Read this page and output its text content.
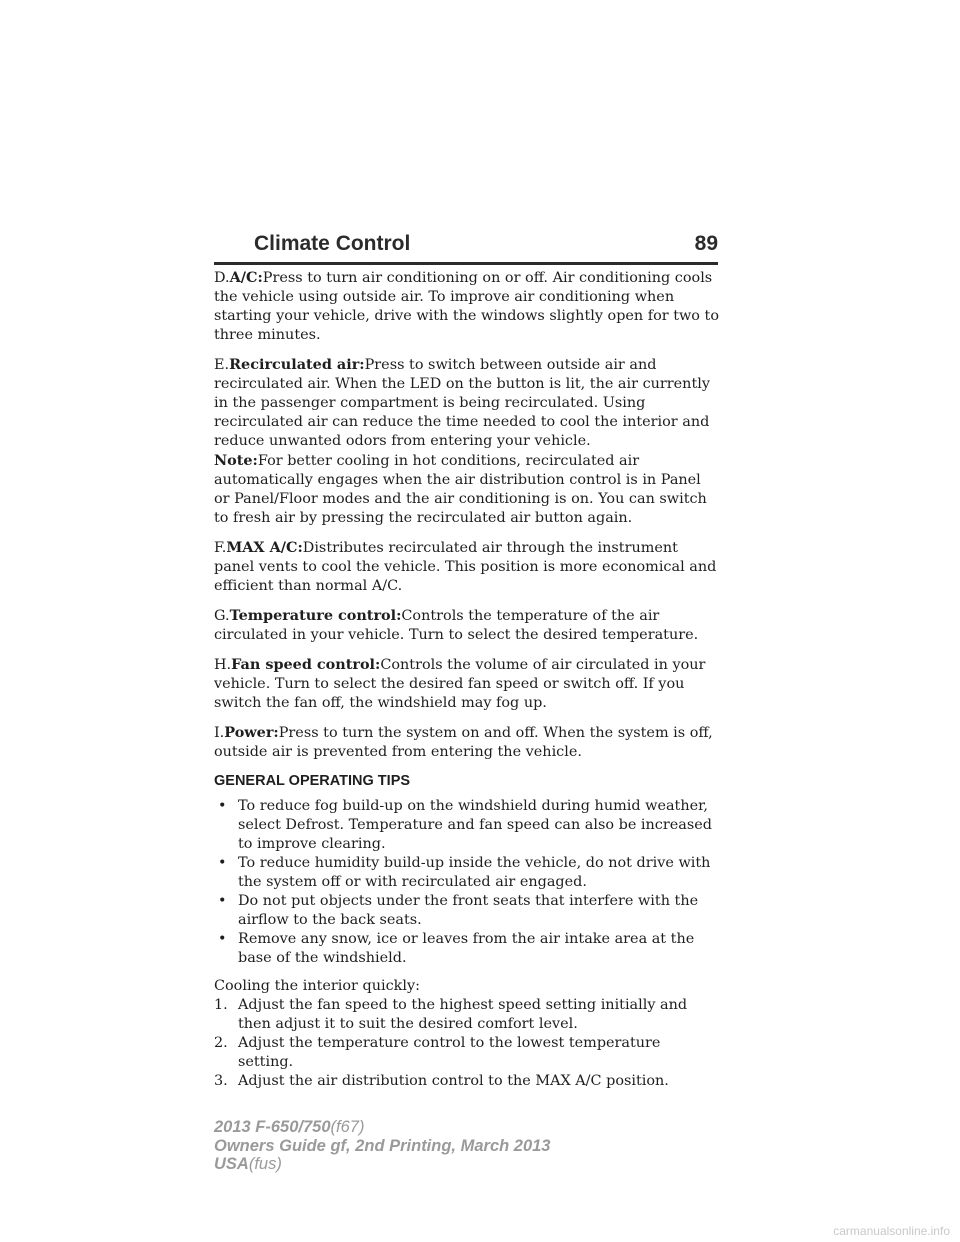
Climate Control	89

D.A/C:Press to turn air conditioning on or off. Air conditioning cools the vehicle using outside air. To improve air conditioning when starting your vehicle, drive with the windows slightly open for two to three minutes.

E.Recirculated air:Press to switch between outside air and recirculated air. When the LED on the button is lit, the air currently in the passenger compartment is being recirculated. Using recirculated air can reduce the time needed to cool the interior and reduce unwanted odors from entering your vehicle.

Note:For better cooling in hot conditions, recirculated air automatically engages when the air distribution control is in Panel or Panel/Floor modes and the air conditioning is on. You can switch to fresh air by pressing the recirculated air button again.

F.MAX A/C:Distributes recirculated air through the instrument panel vents to cool the vehicle. This position is more economical and efficient than normal A/C.

G.Temperature control:Controls the temperature of the air circulated in your vehicle. Turn to select the desired temperature.

H.Fan speed control:Controls the volume of air circulated in your vehicle. Turn to select the desired fan speed or switch off. If you switch the fan off, the windshield may fog up.

I.Power:Press to turn the system on and off. When the system is off, outside air is prevented from entering the vehicle.

GENERAL OPERATING TIPS
• To reduce fog build-up on the windshield during humid weather, select Defrost. Temperature and fan speed can also be increased to improve clearing.
• To reduce humidity build-up inside the vehicle, do not drive with the system off or with recirculated air engaged.
• Do not put objects under the front seats that interfere with the airflow to the back seats.
• Remove any snow, ice or leaves from the air intake area at the base of the windshield.
Cooling the interior quickly:
1. Adjust the fan speed to the highest speed setting initially and then adjust it to suit the desired comfort level.
2. Adjust the temperature control to the lowest temperature setting.
3. Adjust the air distribution control to the MAX A/C position.
2013 F-650/750(f67)
Owners Guide gf, 2nd Printing, March 2013
USA(fus)
carmanualsonline.info
